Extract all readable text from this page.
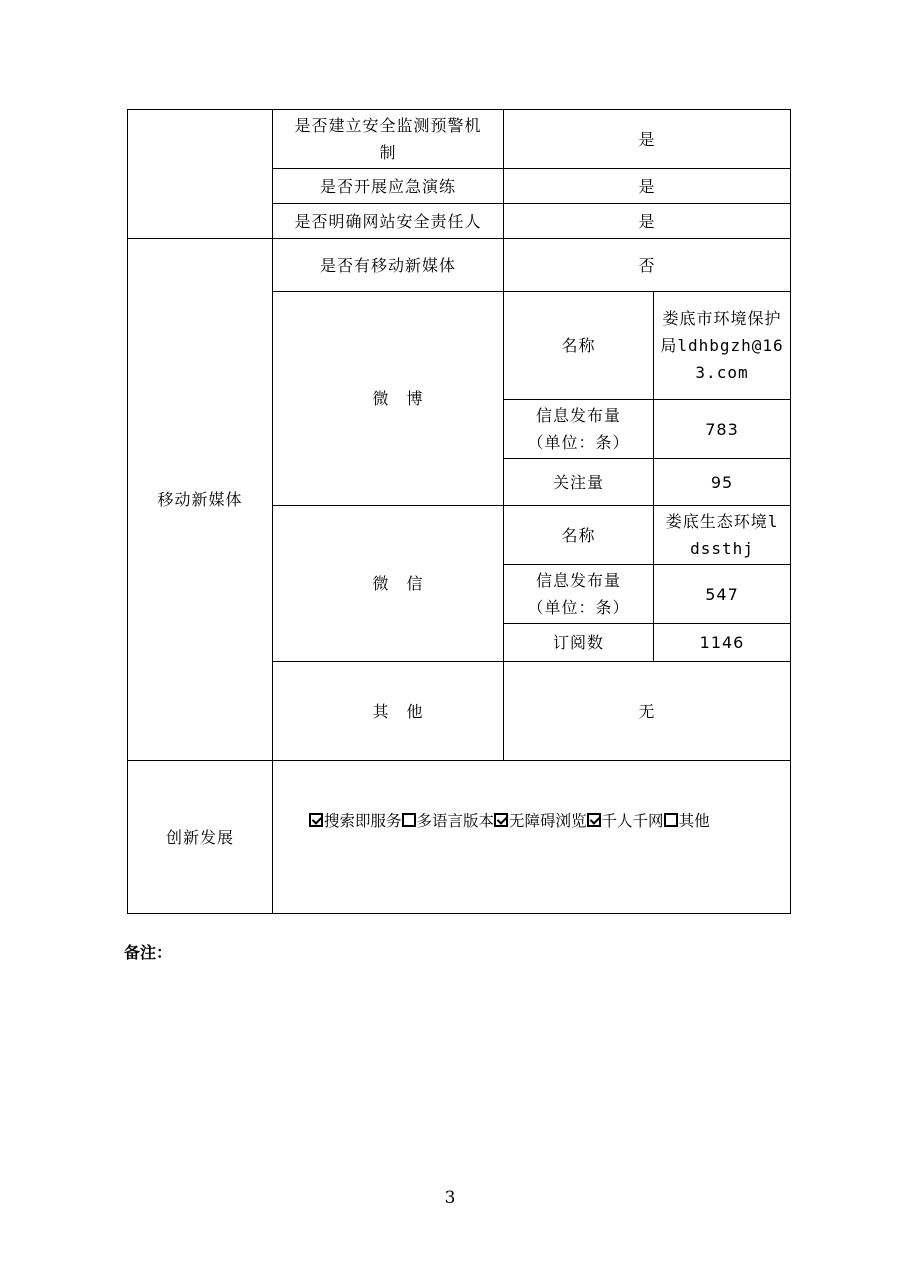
	是否建立安全监测预警机制	是	
	是否开展应急演练	是	
	是否明确网站安全责任人	是	
移动新媒体	是否有移动新媒体	否	
	微　博	名称	娄底市环境保护局ldhbgzh@163.com
		信息发布量（单位：条）	783
		关注量	95
	微　信	名称	娄底生态环境ldssthj
		信息发布量（单位：条）	547
		订阅数	1146
	其　他	无	
创新发展	搜索即服务 多语言版本 无障碍浏览 千人千网 其他		
备注：
3
